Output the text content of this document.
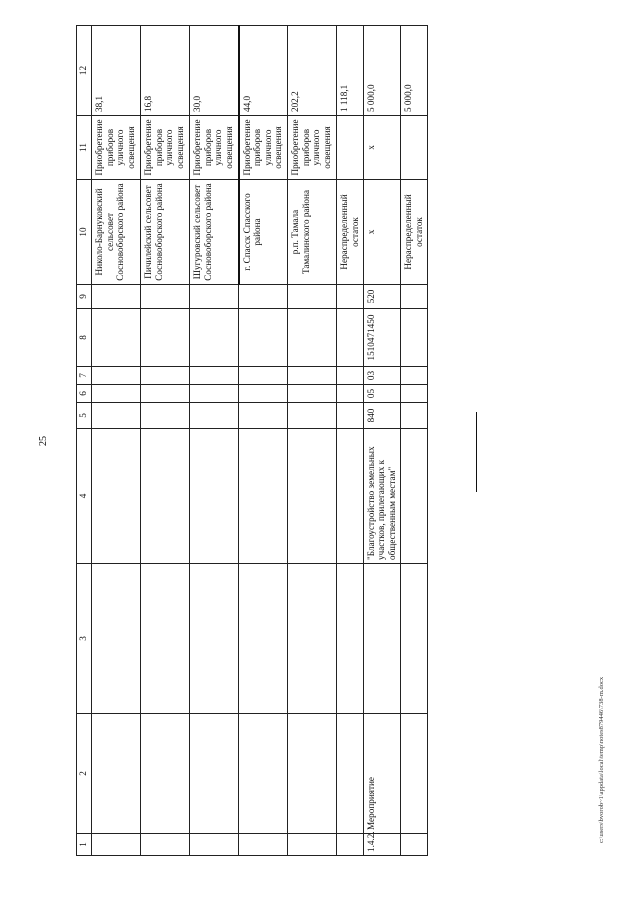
25
1	2	3	4	5	6	7	8	9	10	11	12
									Николо-Барнуковский сельсовет Сосновоборского района	Приобретение приборов уличного освещения	38,1
									Пичилейский сельсовет Сосновоборского района	Приобретение приборов уличного освещения	16,8
									Шугуровский сельсовет Сосновоборского района	Приобретение приборов уличного освещения	30,0
									г. Спасск Спасского района	Приобретение приборов уличного освещения	44,0
									р.п. Тамала Тамалинского района	Приобретение приборов уличного освещения	202,2
									Нераспределенный остаток		1 118,1
1.4.2.	Мероприятие		"Благоустройство земельных участков, прилегающих к общественным местам"	840	05	03	1510471450	520	х	х	5 000,0
									Нераспределенный остаток		5 000,0
c:\users\bvorob~1\appdata\local\temp\notes879446\738-m.docx
